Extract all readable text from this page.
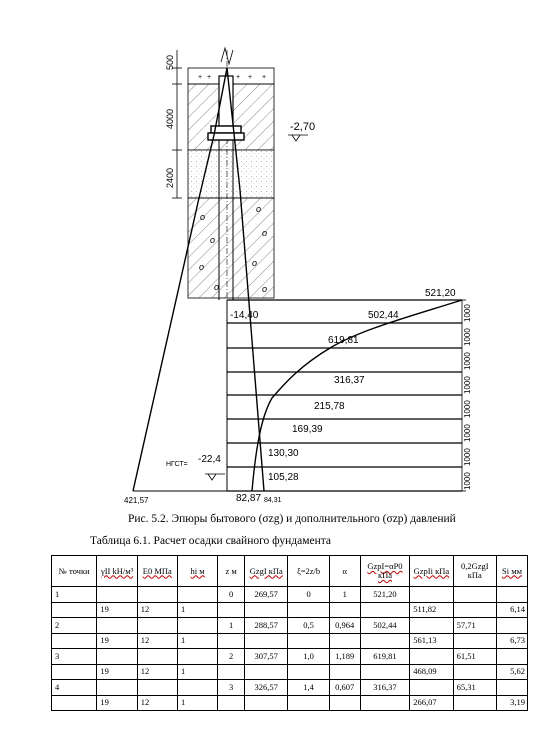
о
о
о
о
о	о
о	о
+ +	+ + +
500
4000
2400
-2,70
-14,40	1000
1000
1000
1000
1000
1000
1000
1000
521,20
502,44
619,81
316,37
215,78
169,39
130,30
105,28
421,57	82,87 84,31
НГСТ= -22,4
Рис. 5.2. Эпюры бытового (σzg) и дополнительного (σzp) давлений
Таблица 6.1. Расчет осадки свайного фундамента
№ точки	γII kH/м³	E0 MПа	hi м	z м	GzgI кПа	ξ=2z/b	α	GzpI=αP0 кПа	GzpIi кПа	0,2GzgI кПа	Si мм
1				0	269,57	0	1	521,20			
	19	12	1						511,82		6,14
2				1	288,57	0,5	0,964	502,44		57,71	
	19	12	1						561,13		6,73
3				2	307,57	1,0	1,189	619,81		61,51	
	19	12	1						468,09		5,62
4				3	326,57	1,4	0,607	316,37		65,31	
	19	12	1						266,07		3,19
